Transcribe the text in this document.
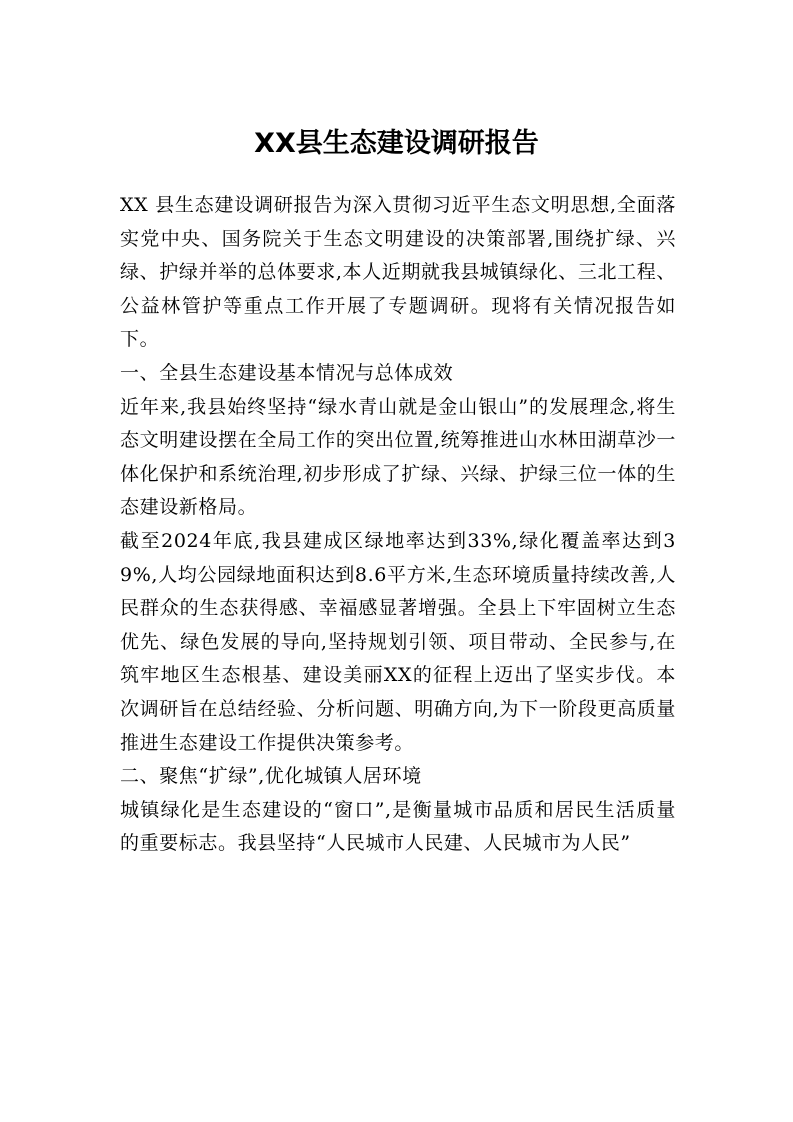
XX县生态建设调研报告

XX 县生态建设调研报告为深入贯彻习近平生态文明思想,全面落实党中央、国务院关于生态文明建设的决策部署,围绕扩绿、兴绿、护绿并举的总体要求,本人近期就我县城镇绿化、三北工程、公益林管护等重点工作开展了专题调研。现将有关情况报告如下。

一、全县生态建设基本情况与总体成效

近年来,我县始终坚持“绿水青山就是金山银山”的发展理念,将生态文明建设摆在全局工作的突出位置,统筹推进山水林田湖草沙一体化保护和系统治理,初步形成了扩绿、兴绿、护绿三位一体的生态建设新格局。

截至2024年底,我县建成区绿地率达到33%,绿化覆盖率达到39%,人均公园绿地面积达到8.6平方米,生态环境质量持续改善,人民群众的生态获得感、幸福感显著增强。全县上下牢固树立生态优先、绿色发展的导向,坚持规划引领、项目带动、全民参与,在筑牢地区生态根基、建设美丽XX的征程上迈出了坚实步伐。本次调研旨在总结经验、分析问题、明确方向,为下一阶段更高质量推进生态建设工作提供决策参考。

二、聚焦“扩绿”,优化城镇人居环境

城镇绿化是生态建设的“窗口”,是衡量城市品质和居民生活质量的重要标志。我县坚持“人民城市人民建、人民城市为人民”
